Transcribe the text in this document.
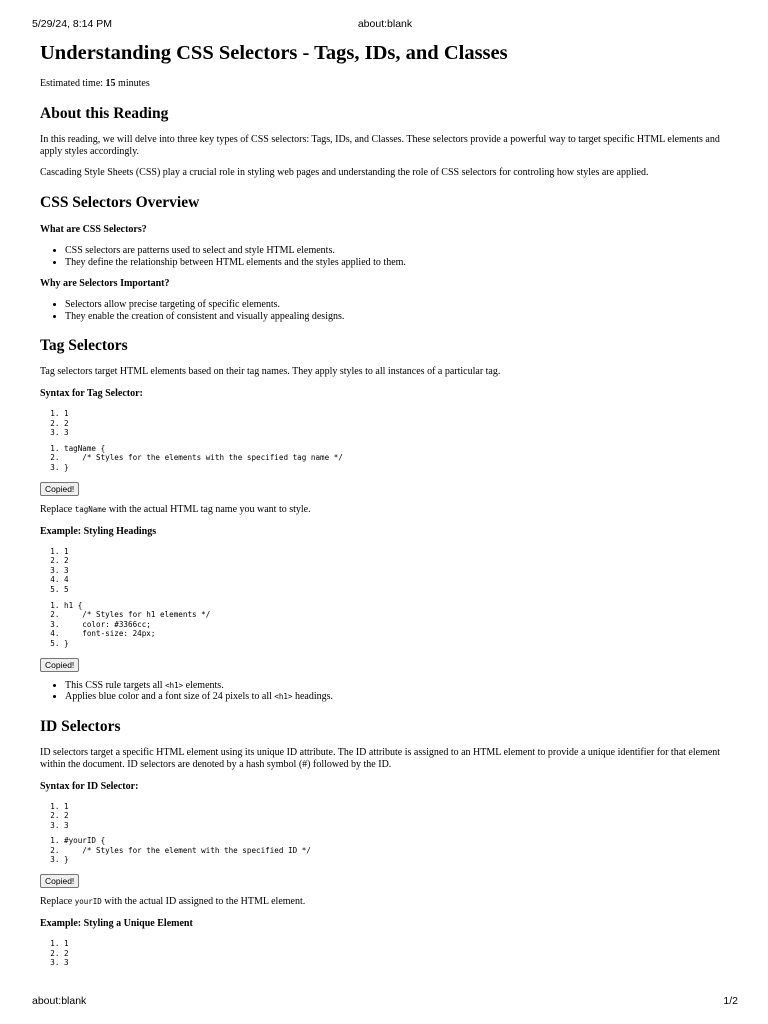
5/29/24, 8:14 PM	about:blank
Understanding CSS Selectors - Tags, IDs, and Classes

Estimated time: 15 minutes

About this Reading

In this reading, we will delve into three key types of CSS selectors: Tags, IDs, and Classes. These selectors provide a powerful way to target specific HTML elements and apply styles accordingly.

Cascading Style Sheets (CSS) play a crucial role in styling web pages and understanding the role of CSS selectors for controling how styles are applied.

CSS Selectors Overview
What are CSS Selectors?
• CSS selectors are patterns used to select and style HTML elements.
• They define the relationship between HTML elements and the styles applied to them.
Why are Selectors Important?
• Selectors allow precise targeting of specific elements.
• They enable the creation of consistent and visually appealing designs.
Tag Selectors

Tag selectors target HTML elements based on their tag names. They apply styles to all instances of a particular tag.

Syntax for Tag Selector:
1. 1
2. 2
3. 3
1. tagName {
2.     /* Styles for the elements with the specified tag name */
3. }
Copied!

Replace tagName with the actual HTML tag name you want to style.

Example: Styling Headings
1. 1
2. 2
3. 3
4. 4
5. 5
1. h1 {
2.     /* Styles for h1 elements */
3.     color: #3366cc;
4.     font-size: 24px;
5. }
Copied!
• This CSS rule targets all <h1> elements.
• Applies blue color and a font size of 24 pixels to all <h1> headings.
ID Selectors

ID selectors target a specific HTML element using its unique ID attribute. The ID attribute is assigned to an HTML element to provide a unique identifier for that element within the document. ID selectors are denoted by a hash symbol (#) followed by the ID.

Syntax for ID Selector:
1. 1
2. 2
3. 3
1. #yourID {
2.     /* Styles for the element with the specified ID */
3. }
Copied!

Replace yourID with the actual ID assigned to the HTML element.

Example: Styling a Unique Element
1. 1
2. 2
3. 3
about:blank	1/2
